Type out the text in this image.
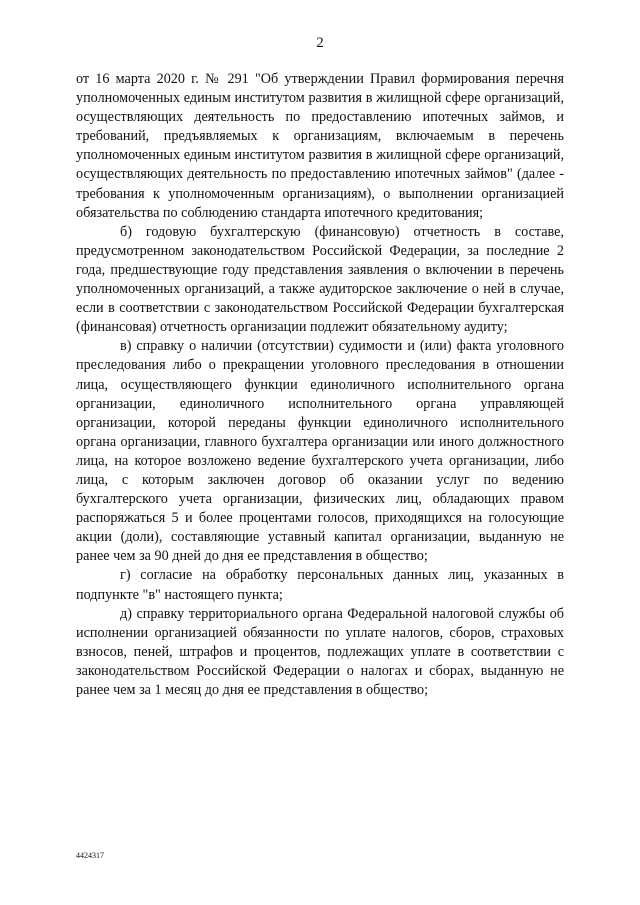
2

от 16 марта 2020 г. № 291 "Об утверждении Правил формирования перечня уполномоченных единым институтом развития в жилищной сфере организаций, осуществляющих деятельность по предоставлению ипотечных займов, и требований, предъявляемых к организациям, включаемым в перечень уполномоченных единым институтом развития в жилищной сфере организаций, осуществляющих деятельность по предоставлению ипотечных займов" (далее - требования к уполномоченным организациям), о выполнении организацией обязательства по соблюдению стандарта ипотечного кредитования;

б) годовую бухгалтерскую (финансовую) отчетность в составе, предусмотренном законодательством Российской Федерации, за последние 2 года, предшествующие году представления заявления о включении в перечень уполномоченных организаций, а также аудиторское заключение о ней в случае, если в соответствии с законодательством Российской Федерации бухгалтерская (финансовая) отчетность организации подлежит обязательному аудиту;

в) справку о наличии (отсутствии) судимости и (или) факта уголовного преследования либо о прекращении уголовного преследования в отношении лица, осуществляющего функции единоличного исполнительного органа организации, единоличного исполнительного органа управляющей организации, которой переданы функции единоличного исполнительного органа организации, главного бухгалтера организации или иного должностного лица, на которое возложено ведение бухгалтерского учета организации, либо лица, с которым заключен договор об оказании услуг по ведению бухгалтерского учета организации, физических лиц, обладающих правом распоряжаться 5 и более процентами голосов, приходящихся на голосующие акции (доли), составляющие уставный капитал организации, выданную не ранее чем за 90 дней до дня ее представления в общество;

г) согласие на обработку персональных данных лиц, указанных в подпункте "в" настоящего пункта;

д) справку территориального органа Федеральной налоговой службы об исполнении организацией обязанности по уплате налогов, сборов, страховых взносов, пеней, штрафов и процентов, подлежащих уплате в соответствии с законодательством Российской Федерации о налогах и сборах, выданную не ранее чем за 1 месяц до дня ее представления в общество;

4424317
